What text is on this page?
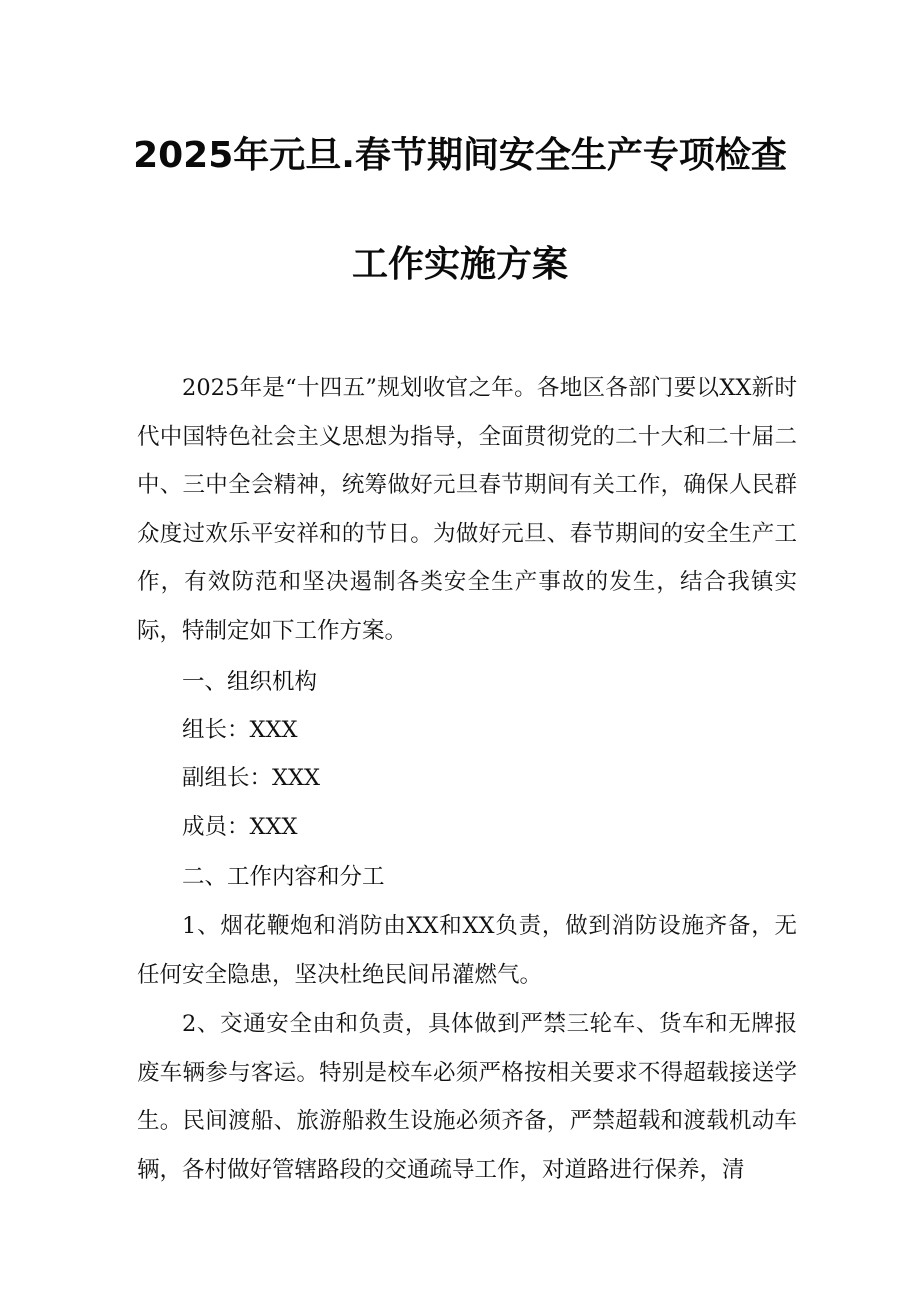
2025年元旦.春节期间安全生产专项检查
工作实施方案

2025年是“十四五”规划收官之年。各地区各部门要以XX新时代中国特色社会主义思想为指导，全面贯彻党的二十大和二十届二中、三中全会精神，统筹做好元旦春节期间有关工作，确保人民群众度过欢乐平安祥和的节日。为做好元旦、春节期间的安全生产工作，有效防范和坚决遏制各类安全生产事故的发生，结合我镇实际，特制定如下工作方案。

一、组织机构

组长：XXX

副组长：XXX

成员：XXX

二、工作内容和分工

1、烟花鞭炮和消防由XX和XX负责，做到消防设施齐备，无任何安全隐患，坚决杜绝民间吊灌燃气。

2、交通安全由和负责，具体做到严禁三轮车、货车和无牌报废车辆参与客运。特别是校车必须严格按相关要求不得超载接送学生。民间渡船、旅游船救生设施必须齐备，严禁超载和渡载机动车辆，各村做好管辖路段的交通疏导工作，对道路进行保养，清
